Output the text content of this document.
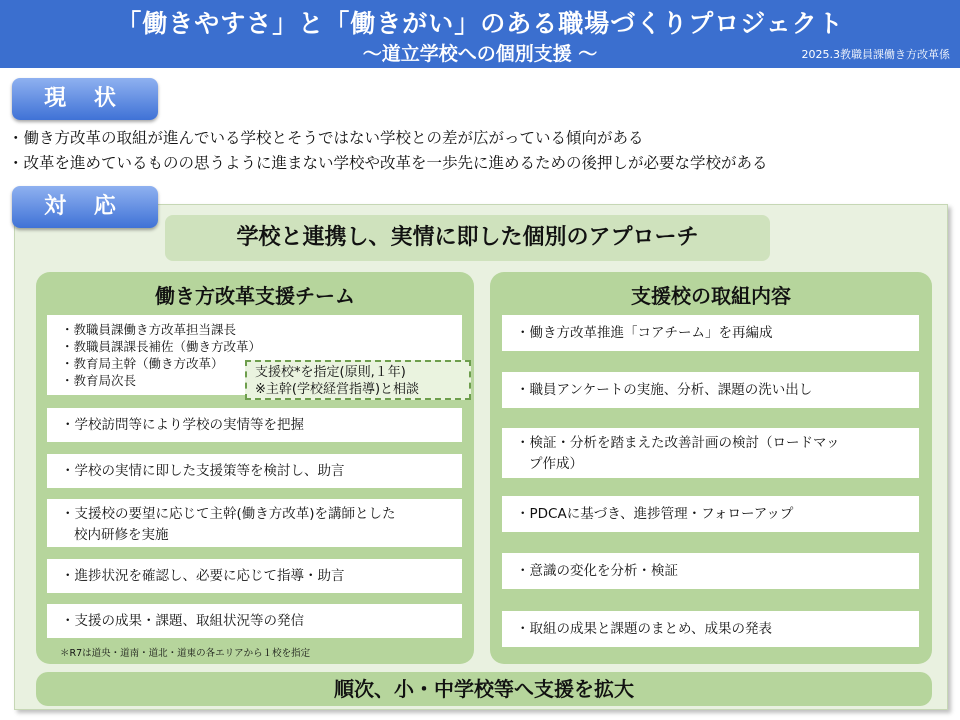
「働きやすさ」と「働きがい」のある職場づくりプロジェクト
～道立学校への個別支援 ～	2025.3教職員課働き方改革係
現 状
・働き方改革の取組が進んでいる学校とそうではない学校との差が広がっている傾向がある
・改革を進めているものの思うように進まない学校や改革を一歩先に進めるための後押しが必要な学校がある
対 応
学校と連携し、実情に即した個別のアプローチ
働き方改革支援チーム
・教職員課働き方改革担当課長
・教職員課課長補佐（働き方改革）
・教育局主幹（働き方改革）
・教育局次長
支援校*を指定(原則,１年)
※主幹(学校経営指導)と相談
・学校訪問等により学校の実情等を把握
・学校の実情に即した支援策等を検討し、助言
・支援校の要望に応じて主幹(働き方改革)を講師とした
校内研修を実施
・進捗状況を確認し、必要に応じて指導・助言
・支援の成果・課題、取組状況等の発信
＊R7は道央・道南・道北・道東の各エリアから１校を指定
支援校の取組内容
・働き方改革推進「コアチーム」を再編成
・職員アンケートの実施、分析、課題の洗い出し
・検証・分析を踏まえた改善計画の検討（ロードマッ
プ作成）
・PDCAに基づき、進捗管理・フォローアップ
・意識の変化を分析・検証
・取組の成果と課題のまとめ、成果の発表
順次、小・中学校等へ支援を拡大
